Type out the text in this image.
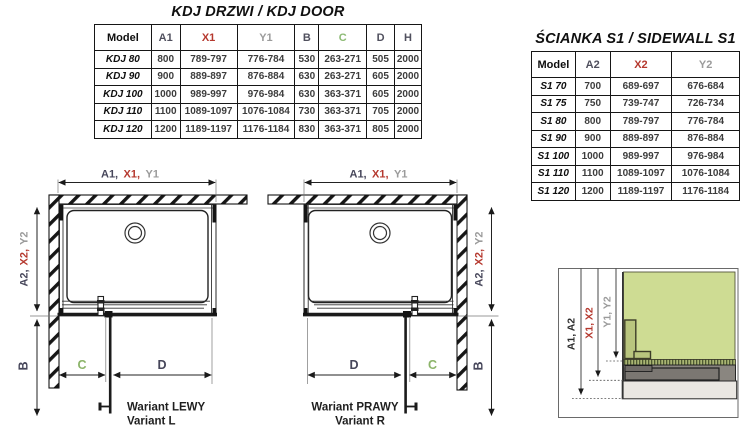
A1, X1, Y1
A2,X2,Y2
B	C	D
Wariant LEWY
Variant L
A1, X1, Y1
A2,X2,Y2
B
D	C
Wariant PRAWY
Variant R
A1, A2 X1, X2 Y1, Y2
KDJ DRZWI / KDJ DOOR
Model	A1	X1	Y1	B	C	D	H
KDJ 80	800	789-797	776-784	530	263-271	505	2000
KDJ 90	900	889-897	876-884	630	263-271	605	2000
KDJ 100	1000	989-997	976-984	630	363-371	605	2000
KDJ 110	1100	1089-1097	1076-1084	730	363-371	705	2000
KDJ 120	1200	1189-1197	1176-1184	830	363-371	805	2000
ŚCIANKA S1 / SIDEWALL S1
Model	A2	X2	Y2
S1 70	700	689-697	676-684
S1 75	750	739-747	726-734
S1 80	800	789-797	776-784
S1 90	900	889-897	876-884
S1 100	1000	989-997	976-984
S1 110	1100	1089-1097	1076-1084
S1 120	1200	1189-1197	1176-1184
